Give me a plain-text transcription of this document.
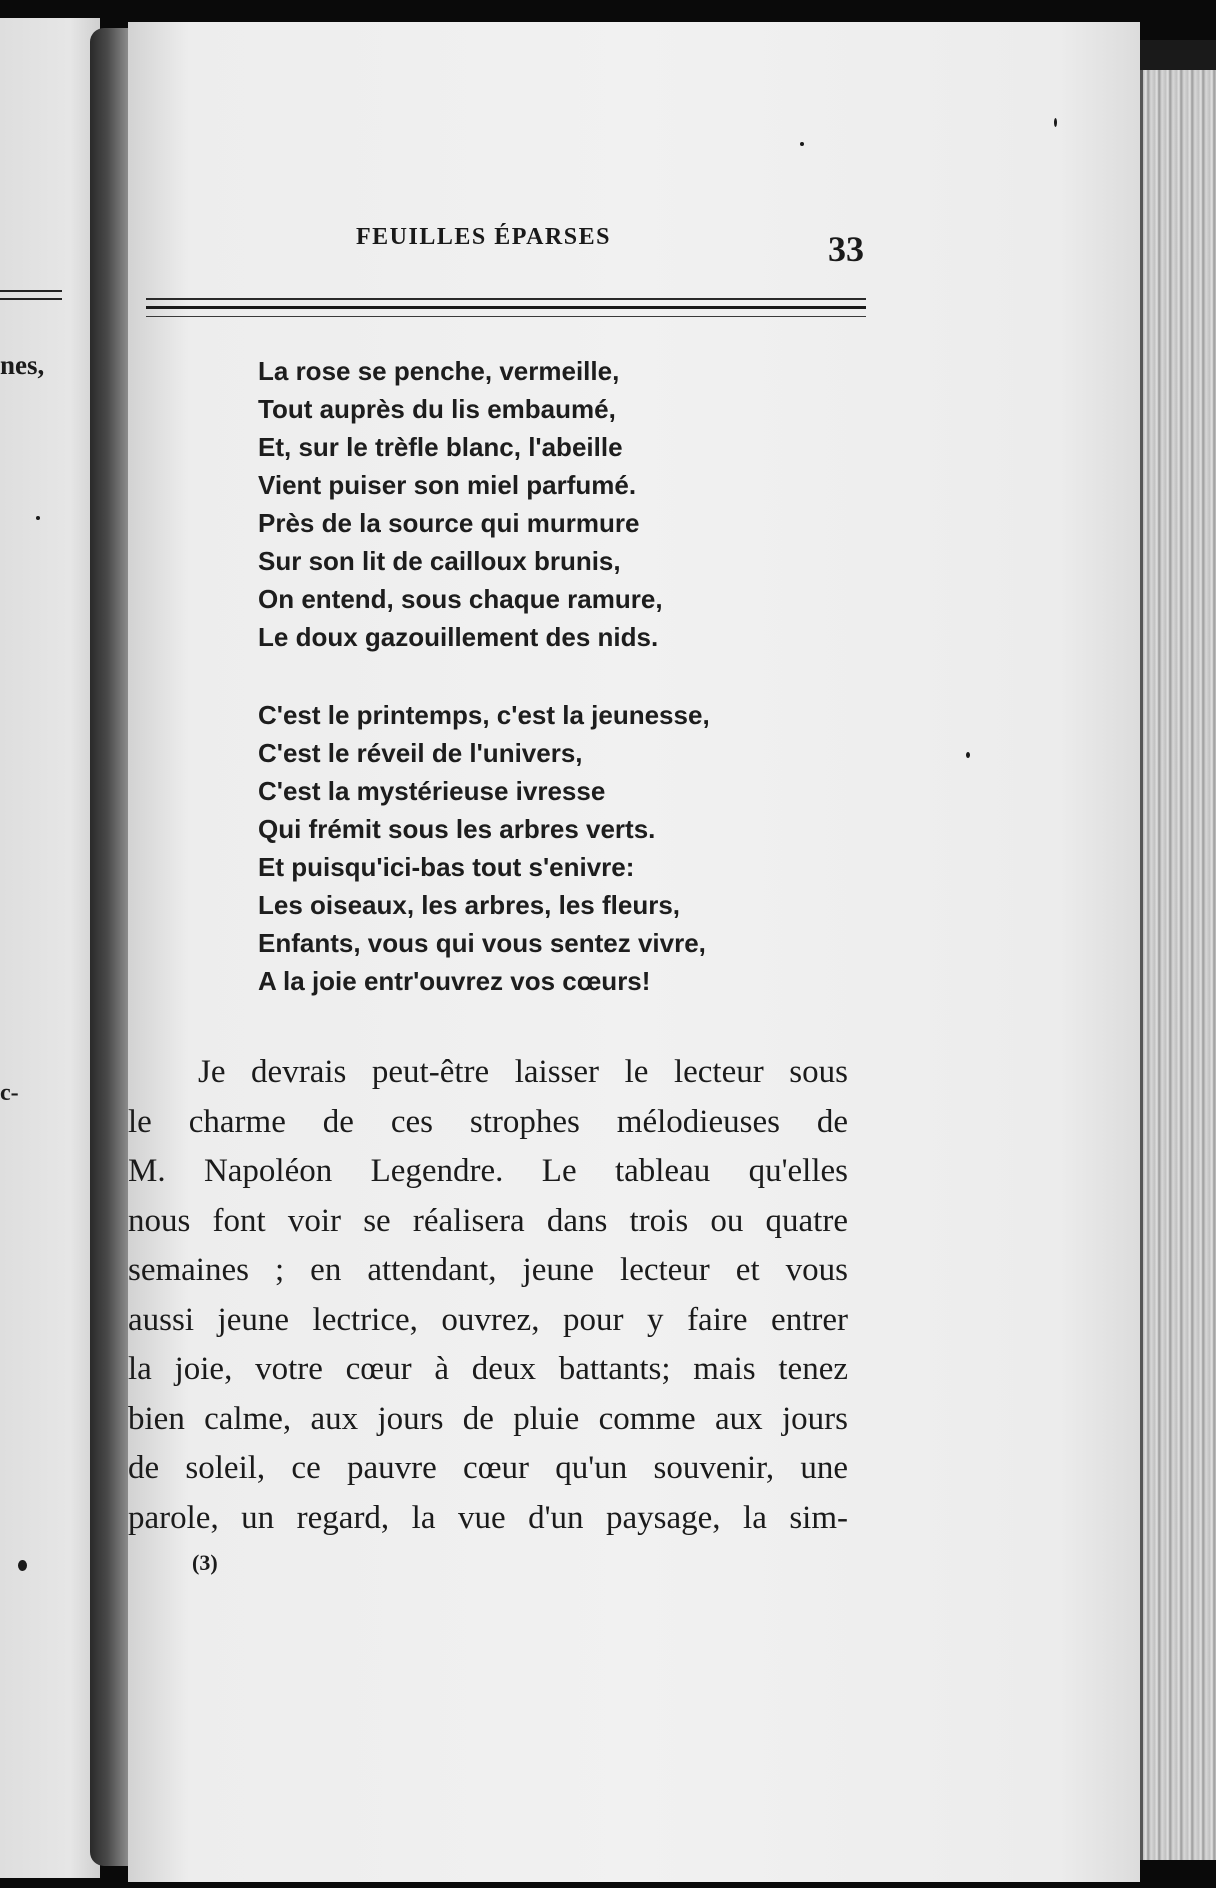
nes,
c-
FEUILLES ÉPARSES	33
La rose se penche, vermeille,
Tout auprès du lis embaumé,
Et, sur le trèfle blanc, l'abeille
Vient puiser son miel parfumé.
Près de la source qui murmure
Sur son lit de cailloux brunis,
On entend, sous chaque ramure,
Le doux gazouillement des nids.
C'est le printemps, c'est la jeunesse,
C'est le réveil de l'univers,
C'est la mystérieuse ivresse
Qui frémit sous les arbres verts.
Et puisqu'ici-bas tout s'enivre:
Les oiseaux, les arbres, les fleurs,
Enfants, vous qui vous sentez vivre,
A la joie entr'ouvrez vos cœurs!
Je devrais peut-être laisser le lecteur sous
le charme de ces strophes mélodieuses de
M. Napoléon Legendre. Le tableau qu'elles
nous font voir se réalisera dans trois ou quatre
semaines ; en attendant, jeune lecteur et vous
aussi jeune lectrice, ouvrez, pour y faire entrer
la joie, votre cœur à deux battants; mais tenez
bien calme, aux jours de pluie comme aux jours
de soleil, ce pauvre cœur qu'un souvenir, une
parole, un regard, la vue d'un paysage, la sim-
(3)
